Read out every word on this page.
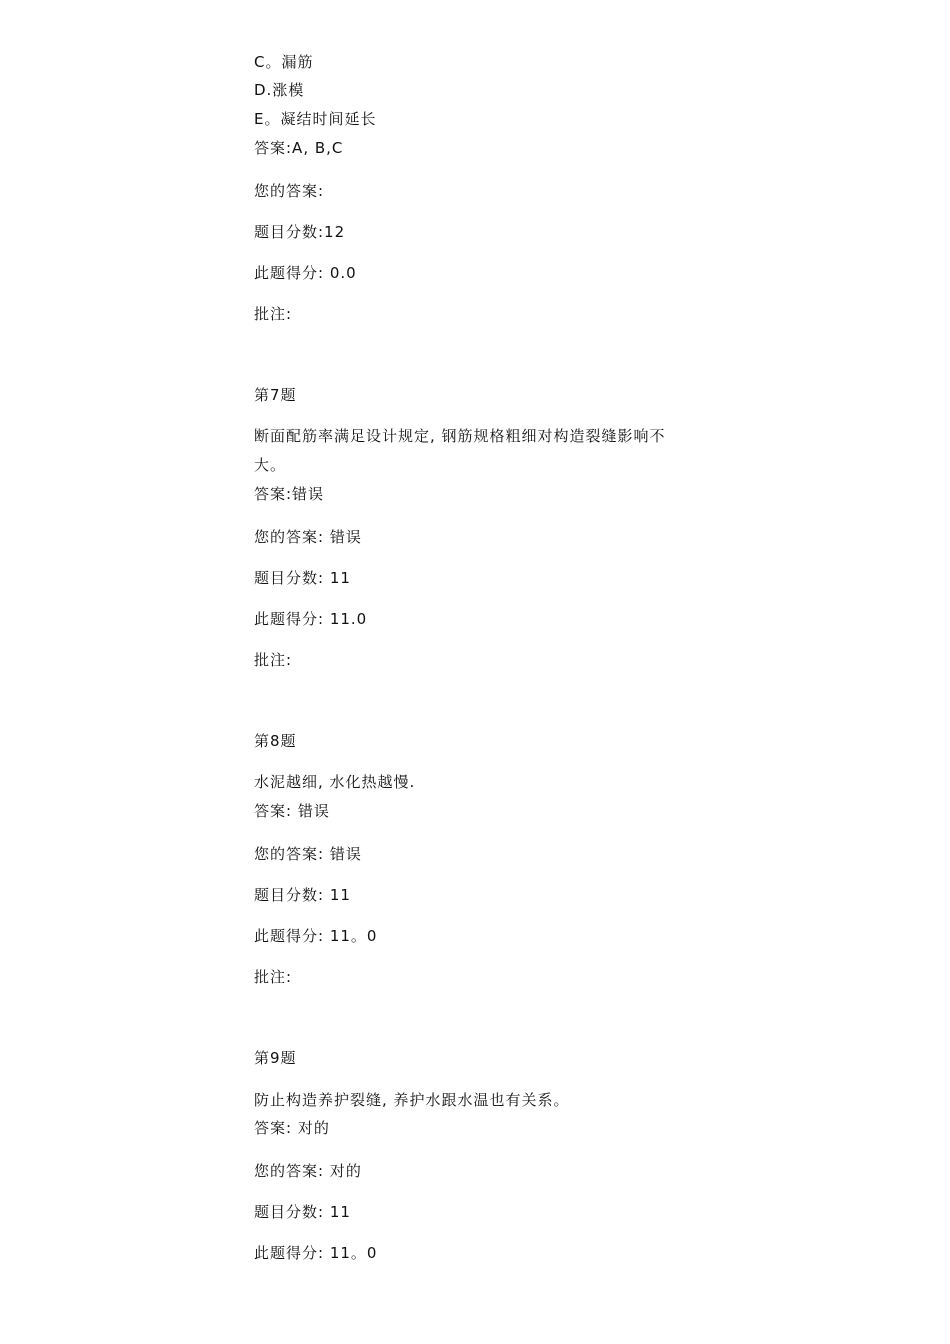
C。漏筋
D.涨模
E。凝结时间延长
答案:A, B,C
您的答案:
题目分数:12
此题得分: 0.0
批注:
第7题
断面配筋率满足设计规定, 钢筋规格粗细对构造裂缝影响不
大。
答案:错误
您的答案: 错误
题目分数: 11
此题得分: 11.0
批注:
第8题
水泥越细, 水化热越慢.
答案: 错误
您的答案: 错误
题目分数: 11
此题得分: 11。0
批注:
第9题
防止构造养护裂缝, 养护水跟水温也有关系。
答案: 对的
您的答案: 对的
题目分数: 11
此题得分: 11。0
